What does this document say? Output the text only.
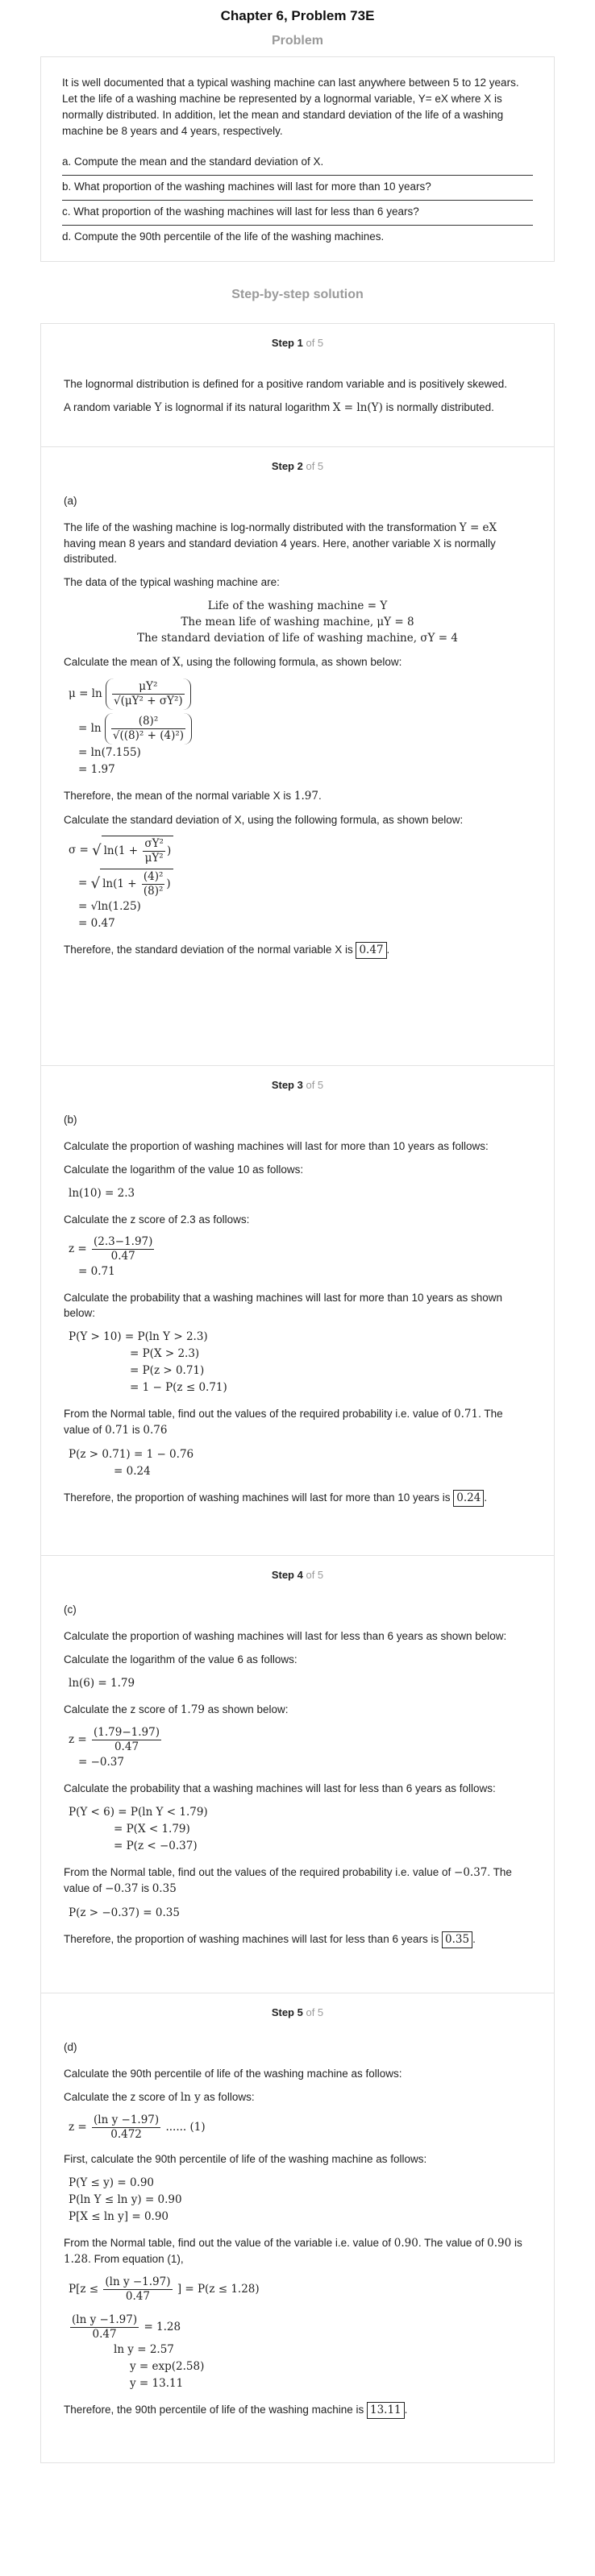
Chapter 6, Problem 73E
Problem

It is well documented that a typical washing machine can last anywhere between 5 to 12 years. Let the life of a washing machine be represented by a lognormal variable, Y= eX where X is normally distributed. In addition, let the mean and standard deviation of the life of a washing machine be 8 years and 4 years, respectively.

a. Compute the mean and the standard deviation of X.
b. What proportion of the washing machines will last for more than 10 years?
c. What proportion of the washing machines will last for less than 6 years?
d. Compute the 90th percentile of the life of the washing machines.
Step-by-step solution
Step 1 of 5

The lognormal distribution is defined for a positive random variable and is positively skewed.

A random variable Y is lognormal if its natural logarithm X = ln(Y) is normally distributed.

Step 2 of 5
(a)

The life of the washing machine is log-normally distributed with the transformation Y = eX having mean 8 years and standard deviation 4 years. Here, another variable X is normally distributed.

The data of the typical washing machine are:

Life of the washing machine = Y
The mean life of washing machine, μY = 8
The standard deviation of life of washing machine, σY = 4

Calculate the mean of X, using the following formula, as shown below:

$\mu = \ln \frac{\text{μY²}}{\text{√(μY² + σY²)}}$
= $\ln \frac{\text{(8)²}}{\text{√((8)² + (4)²)}}$
= ln(7.155)
= 1.97

Therefore, the mean of the normal variable X is 1.97.

Calculate the standard deviation of X, using the following formula, as shown below:

σ = √ $\ln(1 + \frac{\text{σY²}}{\text{μY²}}$ )
= √ $\ln(1 + \frac{\text{(4)²}}{\text{(8)²}}$ )
= √ln(1.25)
= 0.47

Therefore, the standard deviation of the normal variable X is 0.47 .

Step 3 of 5
(b)

Calculate the proportion of washing machines will last for more than 10 years as follows:

Calculate the logarithm of the value 10 as follows:

ln(10) = 2.3

Calculate the z score of 2.3 as follows:

$z = \frac{(2.3-1.97)}{0.47}$
= 0.71

Calculate the probability that a washing machines will last for more than 10 years as shown below:

P(Y > 10) = P(ln Y > 2.3)
= P(X > 2.3)
= P(z > 0.71)
= 1 − P(z ≤ 0.71)

From the Normal table, find out the values of the required probability i.e. value of 0.71. The value of 0.71 is 0.76

P(z > 0.71) = 1 − 0.76
= 0.24

Therefore, the proportion of washing machines will last for more than 10 years is 0.24 .

Step 4 of 5
(c)

Calculate the proportion of washing machines will last for less than 6 years as shown below:

Calculate the logarithm of the value 6 as follows:

ln(6) = 1.79

Calculate the z score of 1.79 as shown below:

$z = \frac{(1.79-1.97)}{0.47}$
= −0.37

Calculate the probability that a washing machines will last for less than 6 years as follows:

P(Y < 6) = P(ln Y < 1.79)
= P(X < 1.79)
= P(z < −0.37)

From the Normal table, find out the values of the required probability i.e. value of −0.37. The value of −0.37 is 0.35

P(z > −0.37) = 0.35

Therefore, the proportion of washing machines will last for less than 6 years is 0.35 .

Step 5 of 5
(d)

Calculate the 90th percentile of life of the washing machine as follows:

Calculate the z score of ln y as follows:

$z = \frac{\text{(ln y −1.97)}}{0.472}$ ...... (1)

First, calculate the 90th percentile of life of the washing machine as follows:

P(Y ≤ y) = 0.90
P(ln Y ≤ ln y) = 0.90
P[X ≤ ln y] = 0.90

From the Normal table, find out the value of the variable i.e. value of 0.90. The value of 0.90 is 1.28. From equation (1),

$P[z \le \frac{\text{(ln y −1.97)}}{0.47}$ ] = P(z ≤ 1.28)
$\frac{\text{(ln y −1.97)}}{0.47} = 1.28$
ln y = 2.57
y = exp(2.58)
y = 13.11

Therefore, the 90th percentile of life of the washing machine is 13.11 .
